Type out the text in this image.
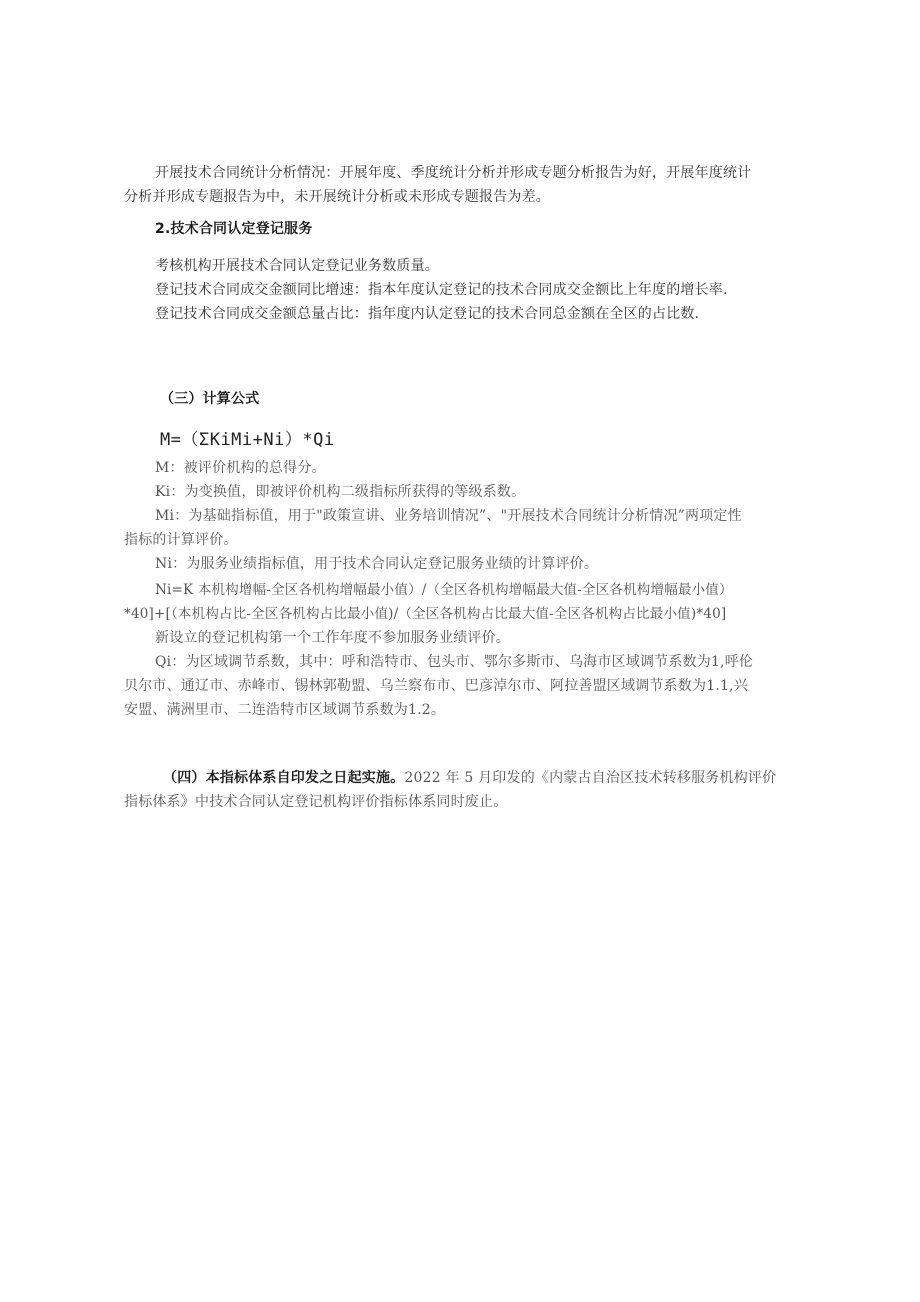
开展技术合同统计分析情况：开展年度、季度统计分析并形成专题分析报告为好，开展年度统计
分析并形成专题报告为中，未开展统计分析或未形成专题报告为差。
2.技术合同认定登记服务
考核机构开展技术合同认定登记业务数质量。
登记技术合同成交金额同比增速：指本年度认定登记的技术合同成交金额比上年度的增长率.
登记技术合同成交金额总量占比：指年度内认定登记的技术合同总金额在全区的占比数.
（三）计算公式
M=（ΣKiMi+Ni）*Qi
M：被评价机构的总得分。
Ki：为变换值，即被评价机构二级指标所获得的等级系数。
Mi：为基础指标值，用于"政策宣讲、业务培训情况”、"开展技术合同统计分析情况”两项定性
指标的计算评价。
Ni：为服务业绩指标值，用于技术合同认定登记服务业绩的计算评价。
Ni=K 本机构增幅-全区各机构增幅最小值）/（全区各机构增幅最大值-全区各机构增幅最小值）
*40]+[（本机构占比-全区各机构占比最小值)/（全区各机构占比最大值-全区各机构占比最小值)*40]
新设立的登记机构第一个工作年度不参加服务业绩评价。
Qi：为区域调节系数，其中：呼和浩特市、包头市、鄂尔多斯市、乌海市区域调节系数为1,呼伦
贝尔市、通辽市、赤峰市、锡林郭勒盟、乌兰察布市、巴彦淖尔市、阿拉善盟区域调节系数为1.1,兴
安盟、满洲里市、二连浩特市区域调节系数为1.2。
（四）本指标体系自印发之日起实施。2022 年 5 月印发的《内蒙古自治区技术转移服务机构评价
指标体系》中技术合同认定登记机构评价指标体系同时废止。
